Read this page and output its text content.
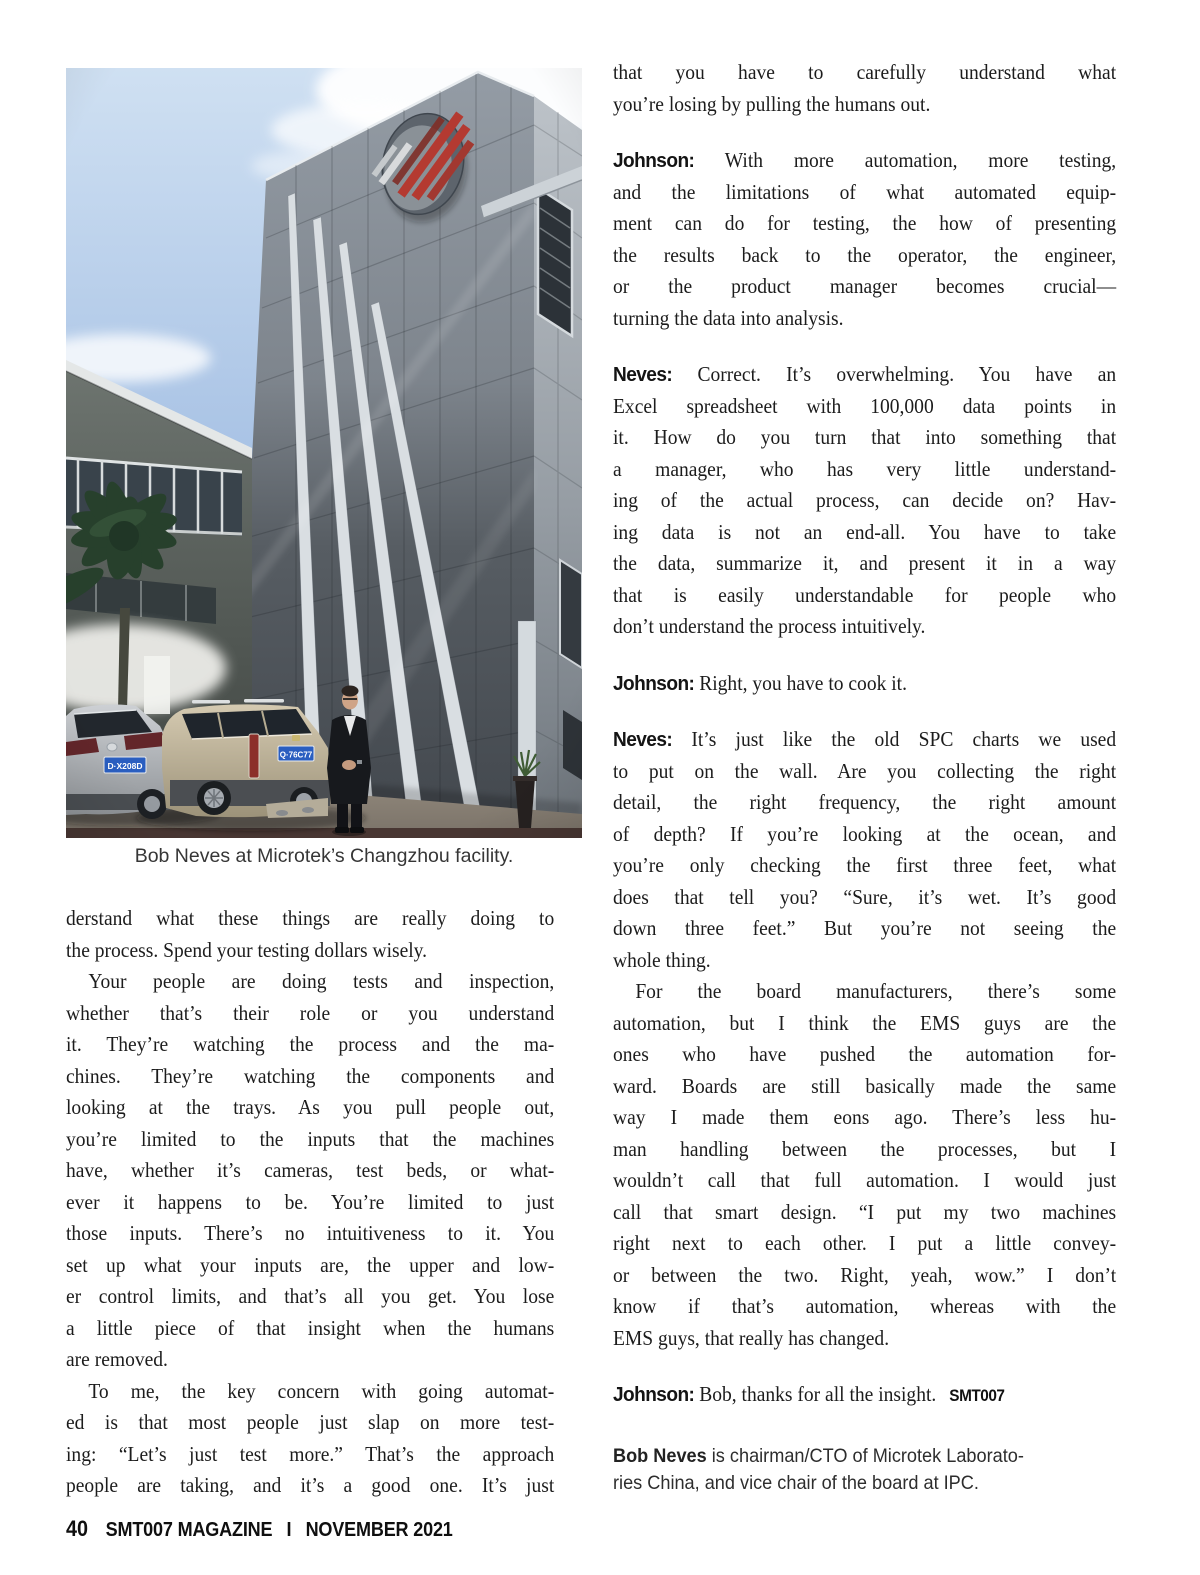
Bob Neves at Microtek’s Changzhou facility.
derstand what these things are really doing to
the process. Spend your testing dollars wisely.
Your people are doing tests and inspection,
whether that’s their role or you understand
it. They’re watching the process and the ma-
chines. They’re watching the components and
looking at the trays. As you pull people out,
you’re limited to the inputs that the machines
have, whether it’s cameras, test beds, or what-
ever it happens to be. You’re limited to just
those inputs. There’s no intuitiveness to it. You
set up what your inputs are, the upper and low-
er control limits, and that’s all you get. You lose
a little piece of that insight when the humans
are removed.
To me, the key concern with going automat-
ed is that most people just slap on more test-
ing: “Let’s just test more.” That’s the approach
people are taking, and it’s a good one. It’s just
that you have to carefully understand what
you’re losing by pulling the humans out.
Johnson: With more automation, more testing,
and the limitations of what automated equip-
ment can do for testing, the how of presenting
the results back to the operator, the engineer,
or the product manager becomes crucial—
turning the data into analysis.
Neves: Correct. It’s overwhelming. You have an
Excel spreadsheet with 100,000 data points in
it. How do you turn that into something that
a manager, who has very little understand-
ing of the actual process, can decide on? Hav-
ing data is not an end-all. You have to take
the data, summarize it, and present it in a way
that is easily understandable for people who
don’t understand the process intuitively.
Johnson: Right, you have to cook it.
Neves: It’s just like the old SPC charts we used
to put on the wall. Are you collecting the right
detail, the right frequency, the right amount
of depth? If you’re looking at the ocean, and
you’re only checking the first three feet, what
does that tell you? “Sure, it’s wet. It’s good
down three feet.” But you’re not seeing the
whole thing.
For the board manufacturers, there’s some
automation, but I think the EMS guys are the
ones who have pushed the automation for-
ward. Boards are still basically made the same
way I made them eons ago. There’s less hu-
man handling between the processes, but I
wouldn’t call that full automation. I would just
call that smart design. “I put my two machines
right next to each other. I put a little convey-
or between the two. Right, yeah, wow.” I don’t
know if that’s automation, whereas with the
EMS guys, that really has changed.
Johnson: Bob, thanks for all the insight. SMT007
Bob Neves is chairman/CTO of Microtek Laborato-
ries China, and vice chair of the board at IPC.
40 SMT007 MAGAZINE I NOVEMBER 2021
